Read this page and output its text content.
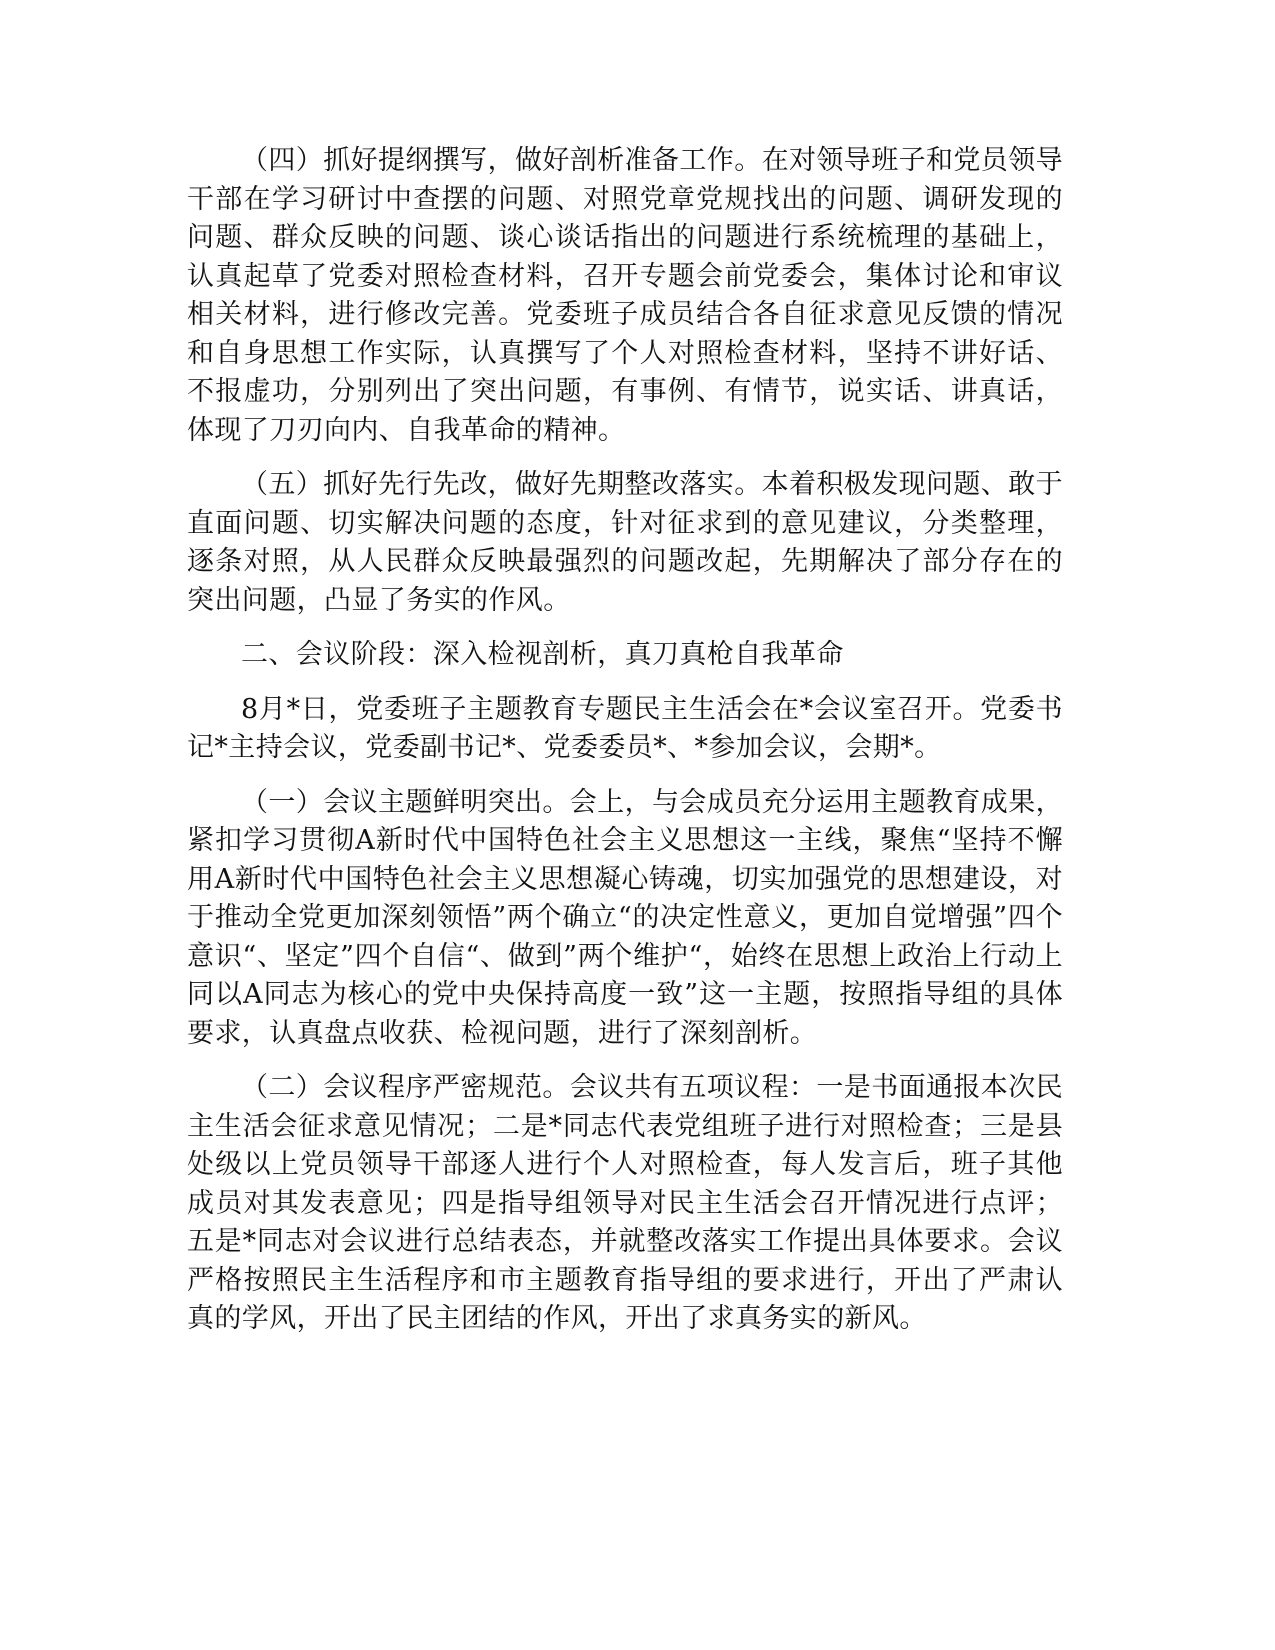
（四）抓好提纲撰写，做好剖析准备工作。在对领导班子和党员领导干部在学习研讨中查摆的问题、对照党章党规找出的问题、调研发现的问题、群众反映的问题、谈心谈话指出的问题进行系统梳理的基础上，认真起草了党委对照检查材料，召开专题会前党委会，集体讨论和审议相关材料，进行修改完善。党委班子成员结合各自征求意见反馈的情况和自身思想工作实际，认真撰写了个人对照检查材料，坚持不讲好话、不报虚功，分别列出了突出问题，有事例、有情节，说实话、讲真话，体现了刀刃向内、自我革命的精神。

（五）抓好先行先改，做好先期整改落实。本着积极发现问题、敢于直面问题、切实解决问题的态度，针对征求到的意见建议，分类整理，逐条对照，从人民群众反映最强烈的问题改起，先期解决了部分存在的突出问题，凸显了务实的作风。

二、会议阶段：深入检视剖析，真刀真枪自我革命

8月*日，党委班子主题教育专题民主生活会在*会议室召开。党委书记*主持会议，党委副书记*、党委委员*、*参加会议，会期*。

（一）会议主题鲜明突出。会上，与会成员充分运用主题教育成果，紧扣学习贯彻A新时代中国特色社会主义思想这一主线，聚焦“坚持不懈用A新时代中国特色社会主义思想凝心铸魂，切实加强党的思想建设，对于推动全党更加深刻领悟”两个确立“的决定性意义，更加自觉增强”四个意识“、坚定”四个自信“、做到”两个维护“，始终在思想上政治上行动上同以A同志为核心的党中央保持高度一致”这一主题，按照指导组的具体要求，认真盘点收获、检视问题，进行了深刻剖析。

（二）会议程序严密规范。会议共有五项议程：一是书面通报本次民主生活会征求意见情况；二是*同志代表党组班子进行对照检查；三是县处级以上党员领导干部逐人进行个人对照检查，每人发言后，班子其他成员对其发表意见；四是指导组领导对民主生活会召开情况进行点评；五是*同志对会议进行总结表态，并就整改落实工作提出具体要求。会议严格按照民主生活程序和市主题教育指导组的要求进行，开出了严肃认真的学风，开出了民主团结的作风，开出了求真务实的新风。
